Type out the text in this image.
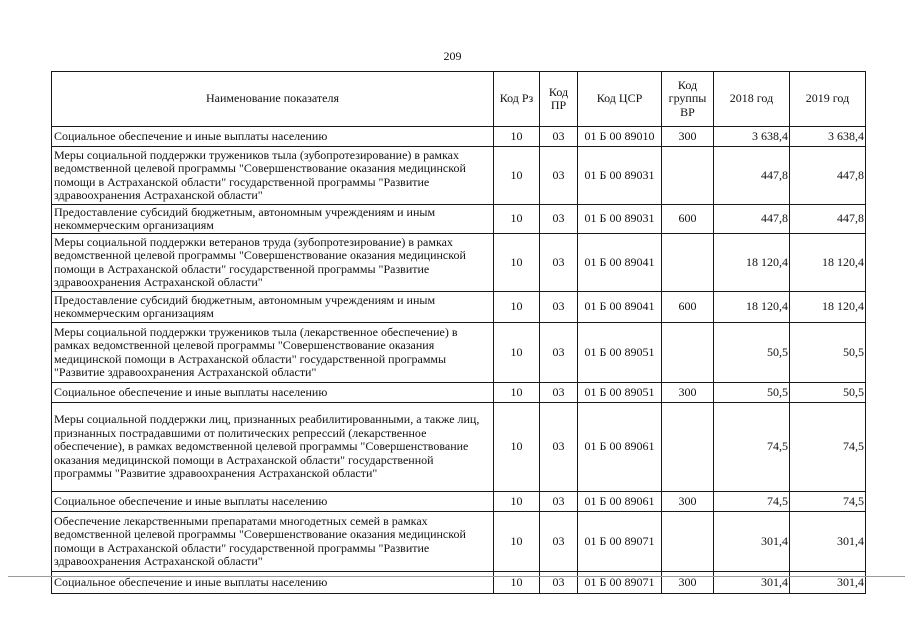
209
Наименование показателя	Код Рз	Код ПР	Код ЦСР	Код группы ВР	2018 год	2019 год
Социальное обеспечение и иные выплаты населению	10	03	01 Б 00 89010	300	3 638,4	3 638,4
Меры социальной поддержки тружеников тыла (зубопротезирование) в рамках ведомственной целевой программы "Совершенствование оказания медицинской помощи в Астраханской области" государственной программы "Развитие здравоохранения Астраханской области"	10	03	01 Б 00 89031		447,8	447,8
Предоставление субсидий бюджетным, автономным учреждениям и иным некоммерческим организациям	10	03	01 Б 00 89031	600	447,8	447,8
Меры социальной поддержки ветеранов труда (зубопротезирование) в рамках ведомственной целевой программы "Совершенствование оказания медицинской помощи в Астраханской области" государственной программы "Развитие здравоохранения Астраханской области"	10	03	01 Б 00 89041		18 120,4	18 120,4
Предоставление субсидий бюджетным, автономным учреждениям и иным некоммерческим организациям	10	03	01 Б 00 89041	600	18 120,4	18 120,4
Меры социальной поддержки тружеников тыла (лекарственное обеспечение) в рамках ведомственной целевой программы "Совершенствование оказания медицинской помощи в Астраханской области" государственной программы "Развитие здравоохранения Астраханской области"	10	03	01 Б 00 89051		50,5	50,5
Социальное обеспечение и иные выплаты населению	10	03	01 Б 00 89051	300	50,5	50,5
Меры социальной поддержки лиц, признанных реабилитированными, а также лиц, признанных пострадавшими от политических репрессий (лекарственное обеспечение), в рамках ведомственной целевой программы "Совершенствование оказания медицинской помощи в Астраханской области" государственной программы "Развитие здравоохранения Астраханской области"	10	03	01 Б 00 89061		74,5	74,5
Социальное обеспечение и иные выплаты населению	10	03	01 Б 00 89061	300	74,5	74,5
Обеспечение лекарственными препаратами многодетных семей в рамках ведомственной целевой программы "Совершенствование оказания медицинской помощи в Астраханской области" государственной программы "Развитие здравоохранения Астраханской области"	10	03	01 Б 00 89071		301,4	301,4
Социальное обеспечение и иные выплаты населению	10	03	01 Б 00 89071	300	301,4	301,4
